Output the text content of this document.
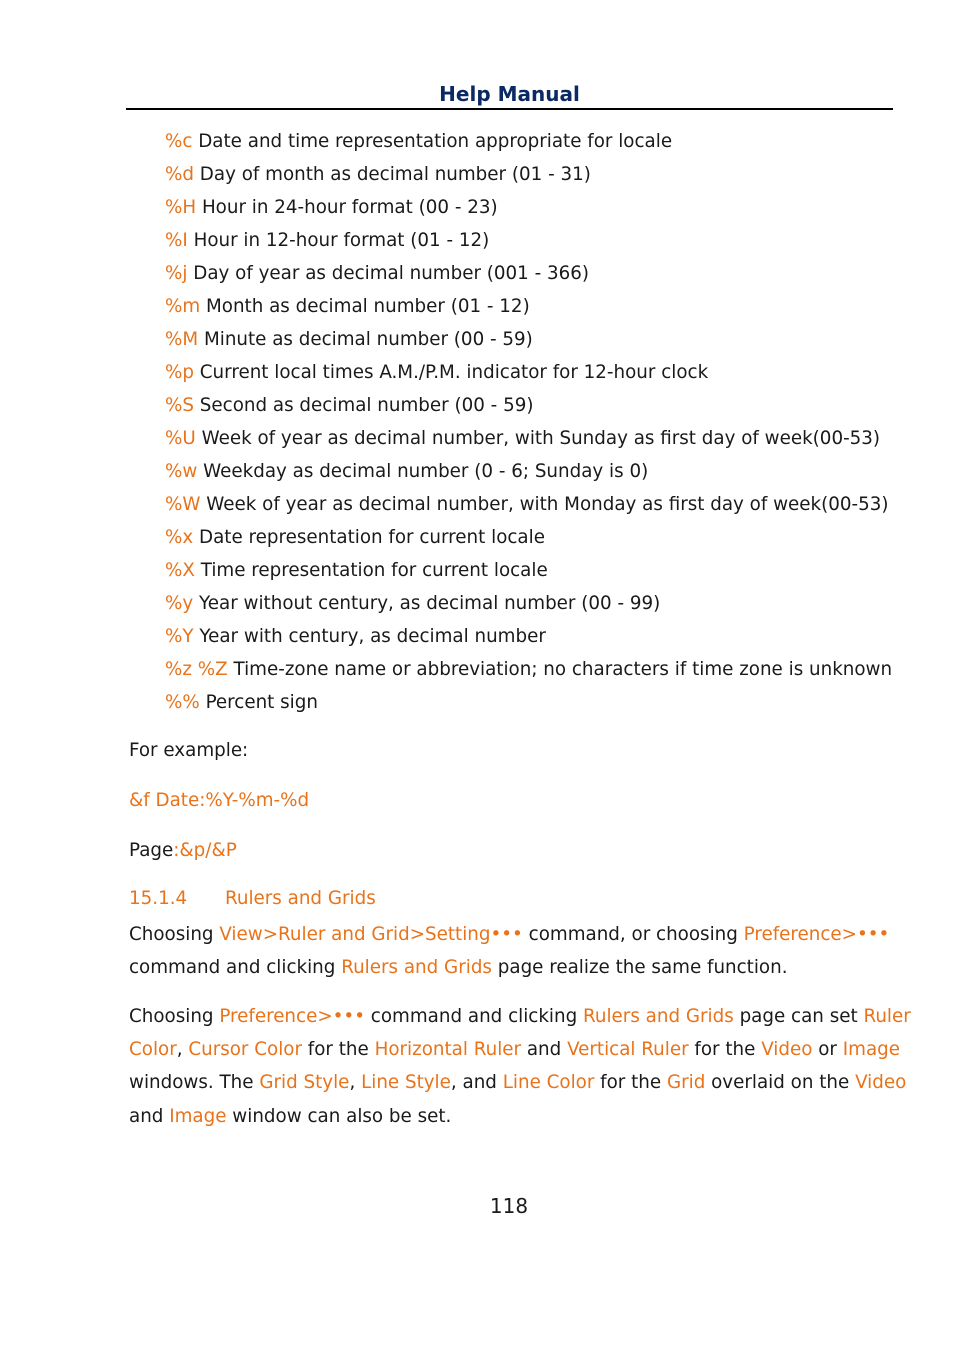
Help Manual
%c Date and time representation appropriate for locale
%d Day of month as decimal number (01 - 31)
%H Hour in 24-hour format (00 - 23)
%I Hour in 12-hour format (01 - 12)
%j Day of year as decimal number (001 - 366)
%m Month as decimal number (01 - 12)
%M Minute as decimal number (00 - 59)
%p Current local times A.M./P.M. indicator for 12-hour clock
%S Second as decimal number (00 - 59)
%U Week of year as decimal number, with Sunday as first day of week(00-53)
%w Weekday as decimal number (0 - 6; Sunday is 0)
%W Week of year as decimal number, with Monday as first day of week(00-53)
%x Date representation for current locale
%X Time representation for current locale
%y Year without century, as decimal number (00 - 99)
%Y Year with century, as decimal number
%z %Z Time-zone name or abbreviation; no characters if time zone is unknown
%% Percent sign
For example:
&f Date:%Y-%m-%d
Page:&p/&P
15.1.4 Rulers and Grids
Choosing View>Ruler and Grid>Setting••• command, or choosing Preference>•••
command and clicking Rulers and Grids page realize the same function.
Choosing Preference>••• command and clicking Rulers and Grids page can set Ruler
Color, Cursor Color for the Horizontal Ruler and Vertical Ruler for the Video or Image
windows. The Grid Style, Line Style, and Line Color for the Grid overlaid on the Video
and Image window can also be set.
118
